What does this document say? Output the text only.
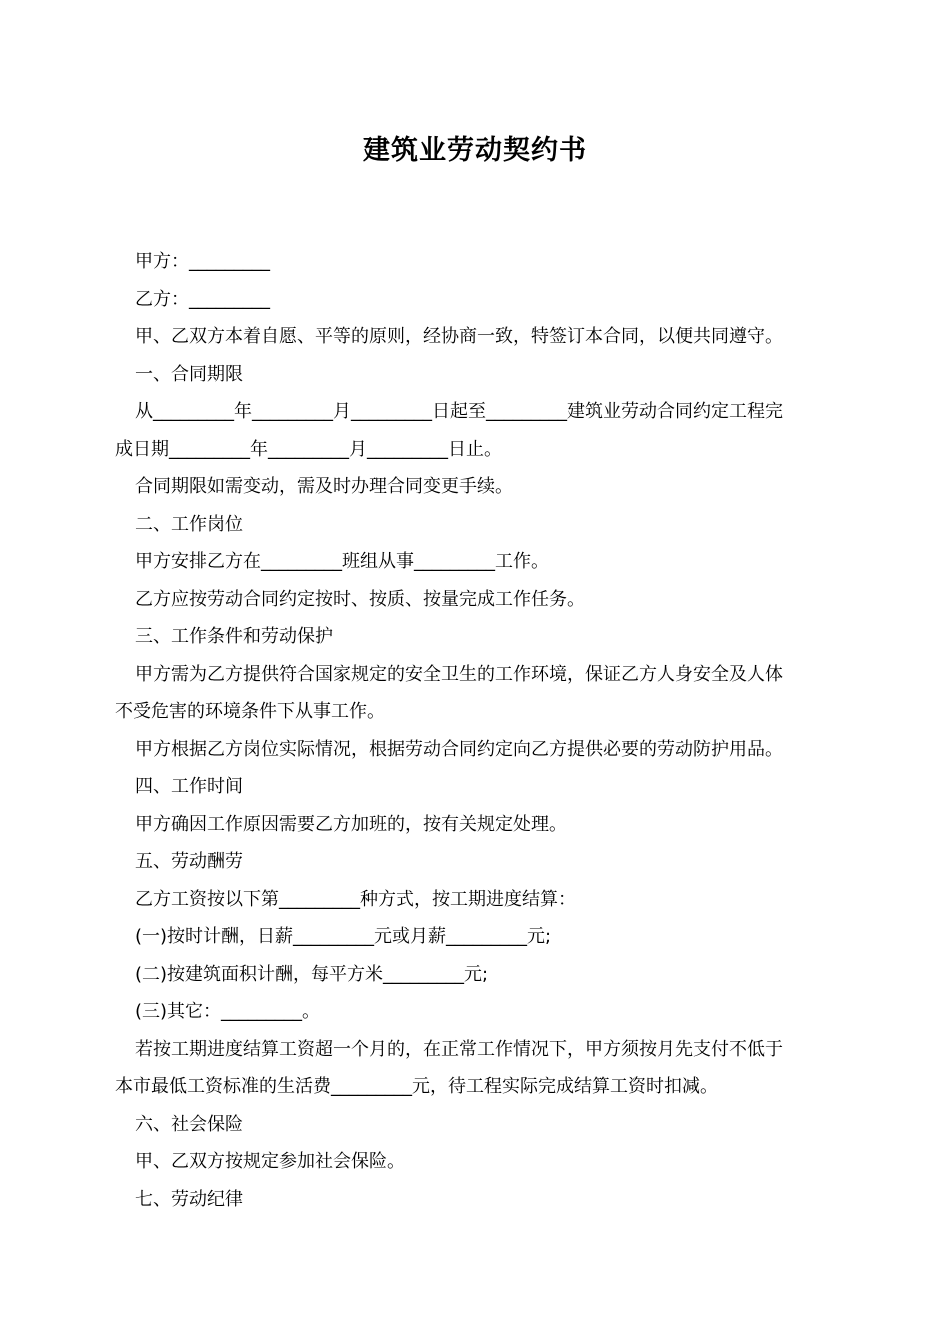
建筑业劳动契约书
甲方：_________
乙方：_________
甲、乙双方本着自愿、平等的原则，经协商一致，特签订本合同，以便共同遵守。
一、合同期限
从_________年_________月_________日起至_________建筑业劳动合同约定工程完
成日期_________年_________月_________日止。
合同期限如需变动，需及时办理合同变更手续。
二、工作岗位
甲方安排乙方在_________班组从事_________工作。
乙方应按劳动合同约定按时、按质、按量完成工作任务。
三、工作条件和劳动保护
甲方需为乙方提供符合国家规定的安全卫生的工作环境，保证乙方人身安全及人体
不受危害的环境条件下从事工作。
甲方根据乙方岗位实际情况，根据劳动合同约定向乙方提供必要的劳动防护用品。
四、工作时间
甲方确因工作原因需要乙方加班的，按有关规定处理。
五、劳动酬劳
乙方工资按以下第_________种方式，按工期进度结算：
(一)按时计酬，日薪_________元或月薪_________元;
(二)按建筑面积计酬，每平方米_________元;
(三)其它：_________。
若按工期进度结算工资超一个月的，在正常工作情况下，甲方须按月先支付不低于
本市最低工资标准的生活费_________元，待工程实际完成结算工资时扣减。
六、社会保险
甲、乙双方按规定参加社会保险。
七、劳动纪律
